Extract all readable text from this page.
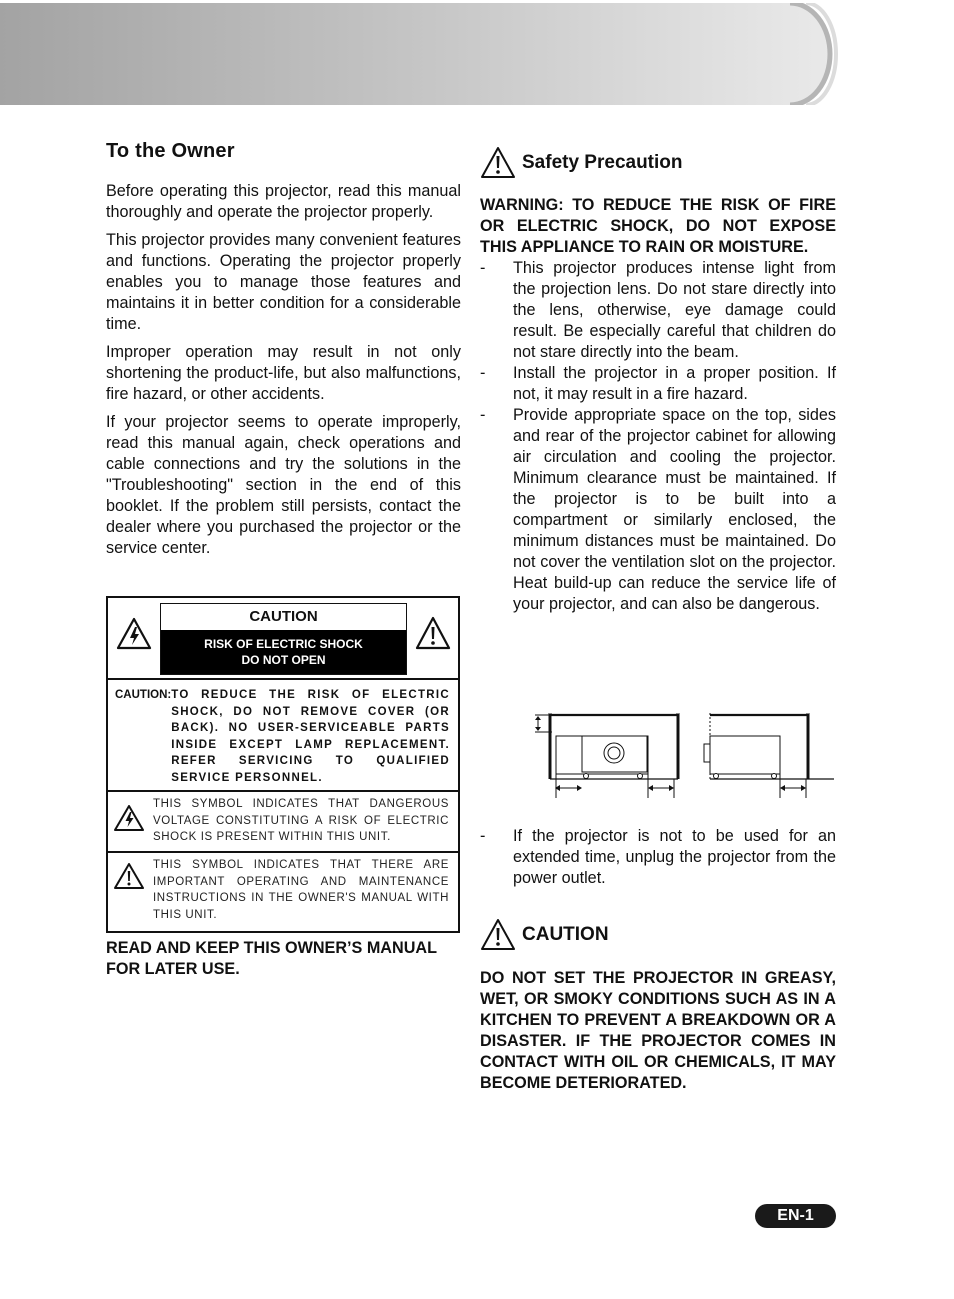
To the Owner

Before operating this projector, read this manual thoroughly and operate the projector properly.

This projector provides many convenient features and functions. Operating the projector properly enables you to manage those features and maintains it in better condition for a considerable time.

Improper operation may result in not only shortening the product-life, but also malfunctions, fire hazard, or other accidents.

If your projector seems to operate improperly, read this manual again, check operations and cable connections and try the solutions in the "Troubleshooting" section in the end of this booklet. If the problem still persists, contact the dealer where you purchased the projector or the service center.

CAUTION
RISK OF ELECTRIC SHOCK
DO NOT OPEN
CAUTION: TO REDUCE THE RISK OF ELECTRIC SHOCK, DO NOT REMOVE COVER (OR BACK). NO USER-SERVICEABLE PARTS INSIDE EXCEPT LAMP REPLACEMENT. REFER SERVICING TO QUALIFIED SERVICE PERSONNEL.
THIS SYMBOL INDICATES THAT DANGEROUS VOLTAGE CONSTITUTING A RISK OF ELECTRIC SHOCK IS PRESENT WITHIN THIS UNIT.
THIS SYMBOL INDICATES THAT THERE ARE IMPORTANT OPERATING AND MAINTENANCE INSTRUCTIONS IN THE OWNER'S MANUAL WITH THIS UNIT.
READ AND KEEP THIS OWNER’S MANUAL FOR LATER USE.
Safety Precaution

WARNING: TO REDUCE THE RISK OF FIRE OR ELECTRIC SHOCK, DO NOT EXPOSE THIS APPLIANCE TO RAIN OR MOISTURE.

-	This projector produces intense light from the projection lens. Do not stare directly into the lens, otherwise, eye damage could result. Be especially careful that children do not stare directly into the beam.
-	Install the projector in a proper position. If not, it may result in a fire hazard.
-	Provide appropriate space on the top, sides and rear of the projector cabinet for allowing air circulation and cooling the projector. Minimum clearance must be maintained. If the projector is to be built into a compartment or similarly enclosed, the minimum distances must be maintained. Do not cover the ventilation slot on the projector. Heat build-up can reduce the service life of your projector, and can also be dangerous.
-	If the projector is not to be used for an extended time, unplug the projector from the power outlet.
CAUTION
DO NOT SET THE PROJECTOR IN GREASY, WET, OR SMOKY CONDITIONS SUCH AS IN A KITCHEN TO PREVENT A BREAKDOWN OR A DISASTER. IF THE PROJECTOR COMES IN CONTACT WITH OIL OR CHEMICALS, IT MAY BECOME DETERIORATED.
EN-1
